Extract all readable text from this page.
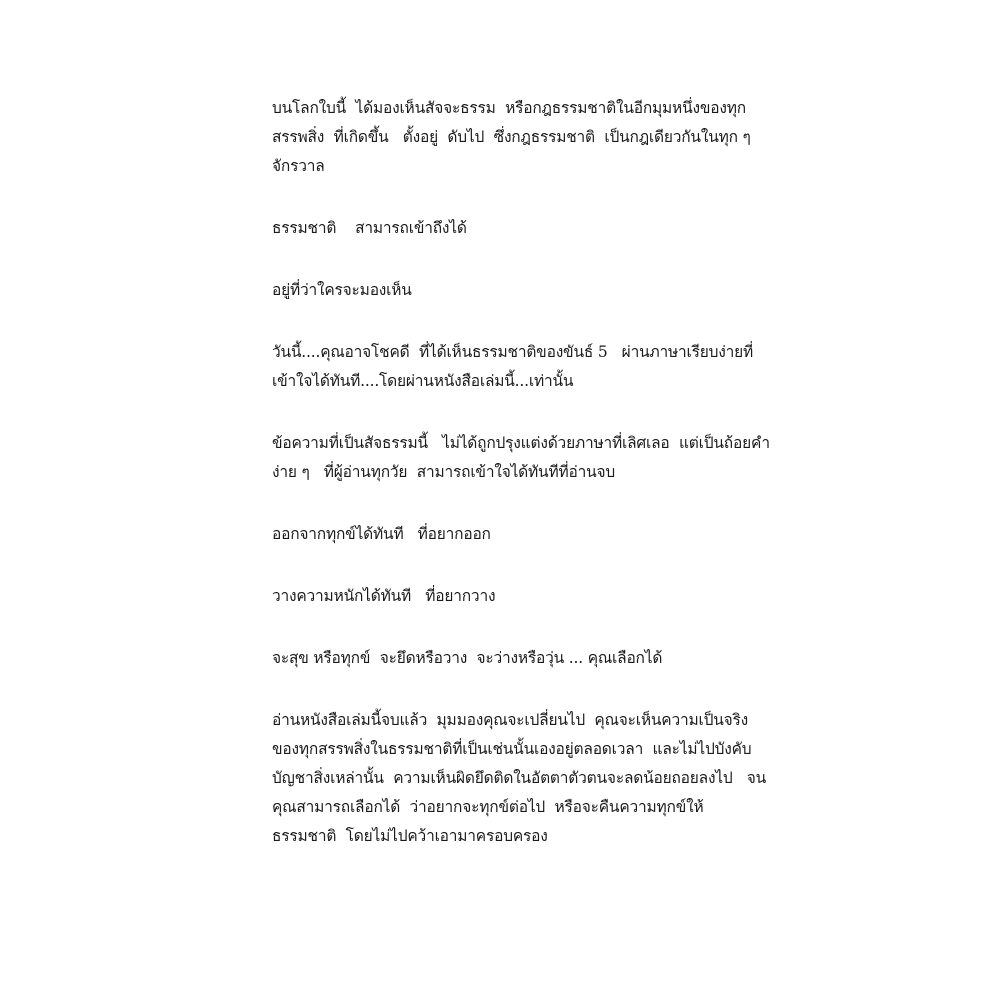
บนโลกใบนี้  ได้มองเห็นสัจจะธรรม  หรือกฎธรรมชาติในอีกมุมหนึ่งของทุก
สรรพสิ่ง  ที่เกิดขึ้น   ตั้งอยู่  ดับไป  ซึ่งกฎธรรมชาติ  เป็นกฎเดียวกันในทุก ๆ
จักรวาล
ธรรมชาติ    สามารถเข้าถึงได้
อยู่ที่ว่าใครจะมองเห็น
วันนี้....คุณอาจโชคดี  ที่ได้เห็นธรรมชาติของขันธ์ 5   ผ่านภาษาเรียบง่ายที่
เข้าใจได้ทันที....โดยผ่านหนังสือเล่มนี้...เท่านั้น
ข้อความที่เป็นสัจธรรมนี้   ไม่ได้ถูกปรุงแต่งด้วยภาษาที่เลิศเลอ  แต่เป็นถ้อยคำ
ง่าย ๆ   ที่ผู้อ่านทุกวัย  สามารถเข้าใจได้ทันทีที่อ่านจบ
ออกจากทุกข์ได้ทันที   ที่อยากออก
วางความหนักได้ทันที   ที่อยากวาง
จะสุข หรือทุกข์  จะยึดหรือวาง  จะว่างหรือวุ่น ... คุณเลือกได้
อ่านหนังสือเล่มนี้จบแล้ว  มุมมองคุณจะเปลี่ยนไป  คุณจะเห็นความเป็นจริง
ของทุกสรรพสิ่งในธรรมชาติที่เป็นเช่นนั้นเองอยู่ตลอดเวลา  และไม่ไปบังคับ
บัญชาสิ่งเหล่านั้น  ความเห็นผิดยึดติดในอัตตาตัวตนจะลดน้อยถอยลงไป   จน
คุณสามารถเลือกได้  ว่าอยากจะทุกข์ต่อไป  หรือจะคืนความทุกข์ให้
ธรรมชาติ  โดยไม่ไปคว้าเอามาครอบครอง
